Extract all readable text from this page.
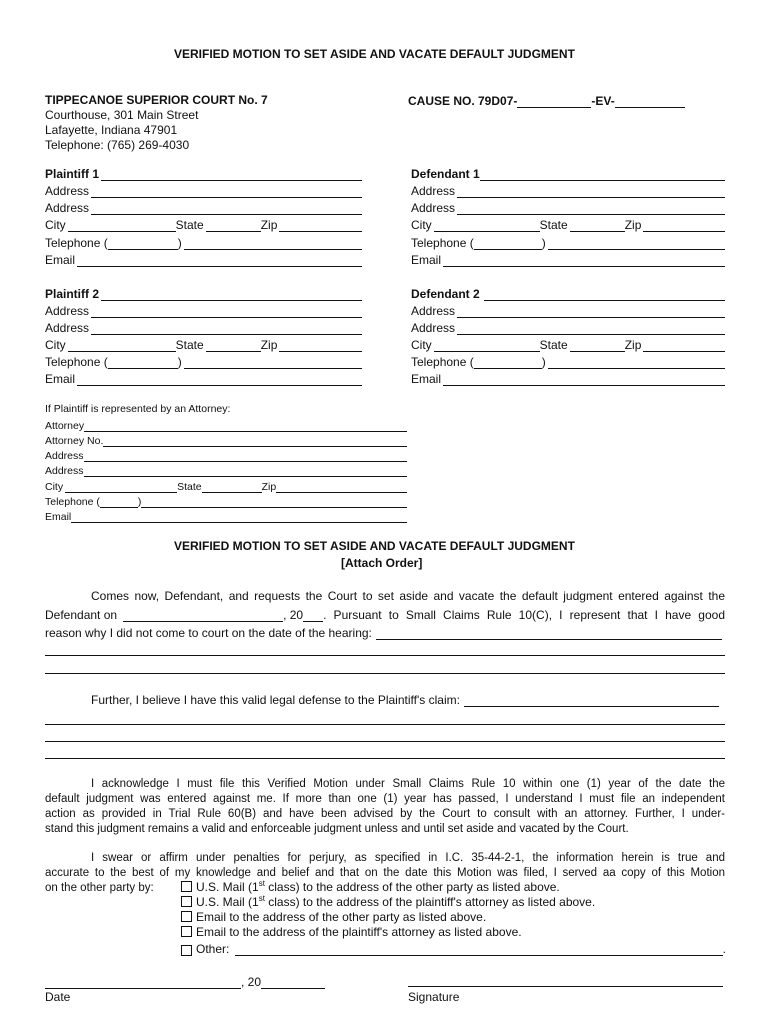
VERIFIED MOTION TO SET ASIDE AND VACATE DEFAULT JUDGMENT
TIPPECANOE SUPERIOR COURT No. 7
Courthouse, 301 Main Street
Lafayette, Indiana 47901
Telephone: (765) 269-4030
CAUSE NO. 79D07-	-EV-
Plaintiff 1
Address
Address
City	State	Zip
Telephone (	)
Email
Defendant 1
Address
Address
City	State	Zip
Telephone (	)
Email
Plaintiff 2
Address
Address
City	State	Zip
Telephone (	)
Email
Defendant 2
Address
Address
City	State	Zip
Telephone (	)
Email
If Plaintiff is represented by an Attorney:
Attorney
Attorney No.
Address
Address
City	State	Zip
Telephone (	)
Email
VERIFIED MOTION TO SET ASIDE AND VACATE DEFAULT JUDGMENT
[Attach Order]
Comes now, Defendant, and requests the Court to set aside and vacate the default judgment entered against the
Defendant on	, 20 . Pursuant to Small Claims Rule 10(C), I represent that I have good
reason why I did not come to court on the date of the hearing:
Further, I believe I have this valid legal defense to the Plaintiff's claim:
I acknowledge I must file this Verified Motion under Small Claims Rule 10 within one (1) year of the date the
default judgment was entered against me. If more than one (1) year has passed, I understand I must file an independent
action as provided in Trial Rule 60(B) and have been advised by the Court to consult with an attorney. Further, I under-
stand this judgment remains a valid and enforceable judgment unless and until set aside and vacated by the Court.
I swear or affirm under penalties for perjury, as specified in I.C. 35-44-2-1, the information herein is true and
accurate to the best of my knowledge and belief and that on the date this Motion was filed, I served aa copy of this Motion
on the other party by:	U.S. Mail (1st class) to the address of the other party as listed above.
U.S. Mail (1st class) to the address of the plaintiff's attorney as listed above.
Email to the address of the other party as listed above.
Email to the address of the plaintiff's attorney as listed above.
Other:	.
, 20
Date	Signature
